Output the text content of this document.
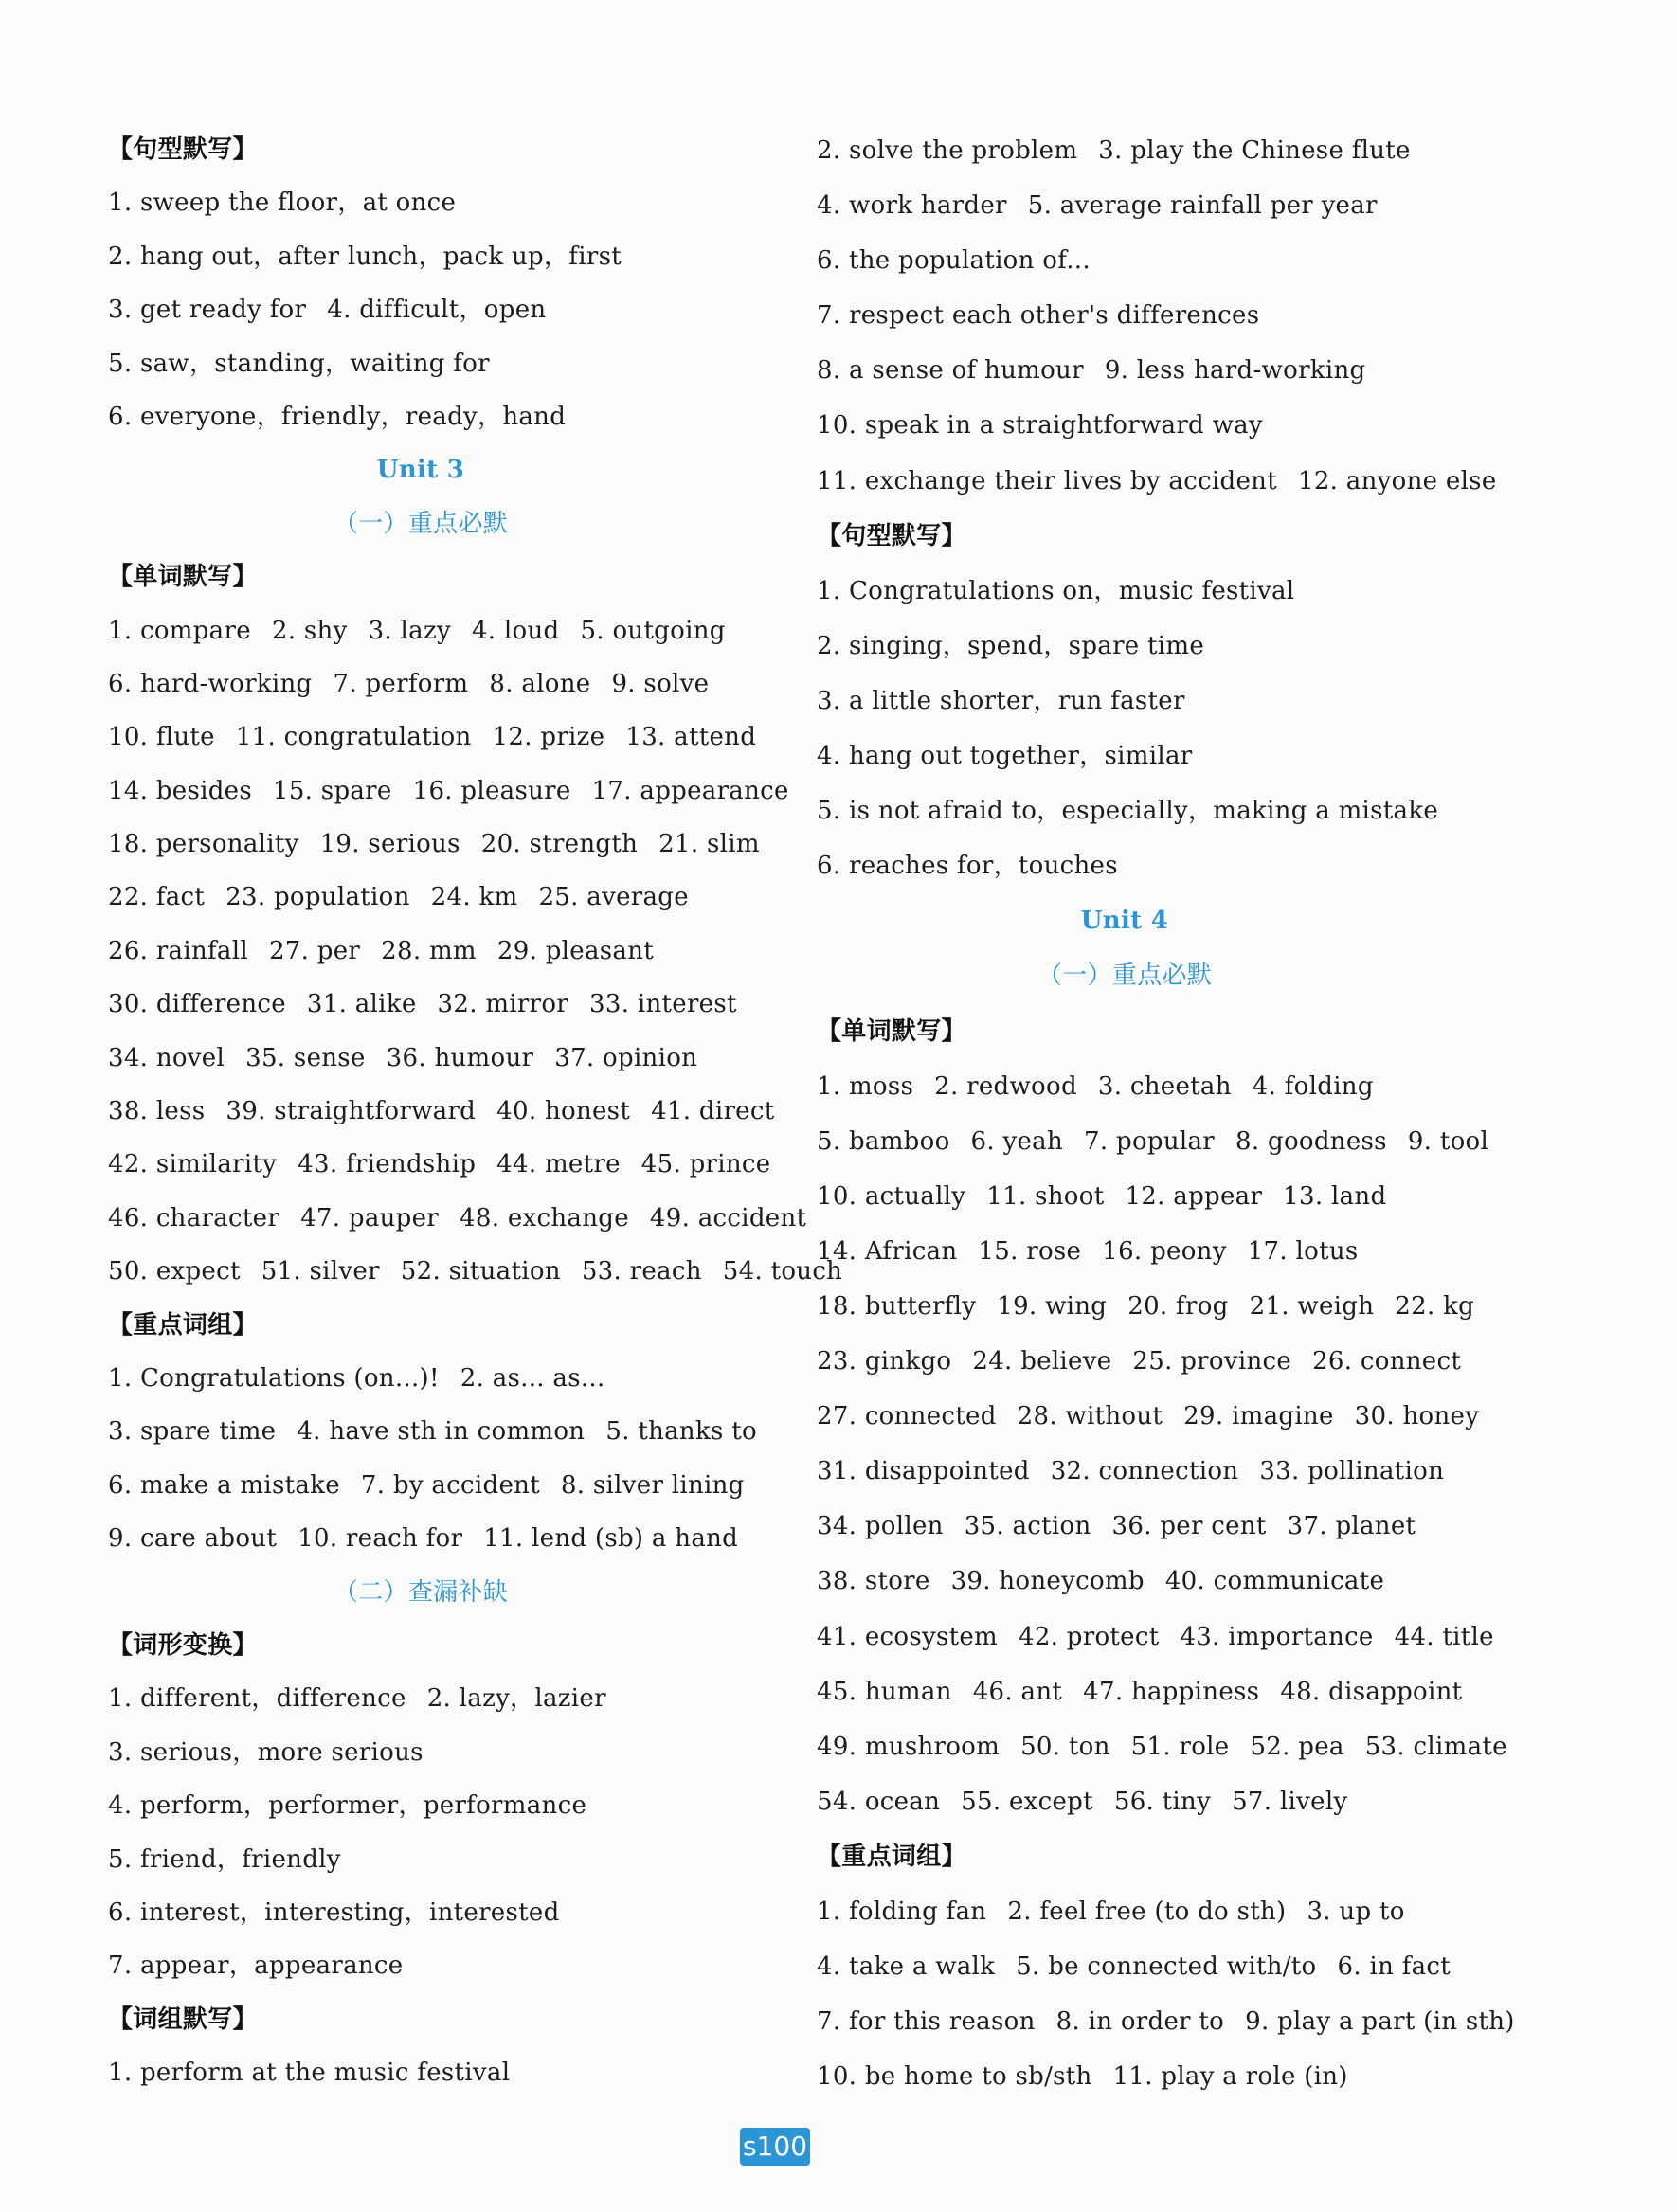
【句型默写】
1. sweep the floor，at once
2. hang out，after lunch，pack up，first
3. get ready for 4. difficult，open
5. saw，standing，waiting for
6. everyone，friendly，ready，hand
Unit 3
（一）重点必默
【单词默写】
1. compare 2. shy 3. lazy 4. loud 5. outgoing
6. hard-working 7. perform 8. alone 9. solve
10. flute 11. congratulation 12. prize 13. attend
14. besides 15. spare 16. pleasure 17. appearance
18. personality 19. serious 20. strength 21. slim
22. fact 23. population 24. km 25. average
26. rainfall 27. per 28. mm 29. pleasant
30. difference 31. alike 32. mirror 33. interest
34. novel 35. sense 36. humour 37. opinion
38. less 39. straightforward 40. honest 41. direct
42. similarity 43. friendship 44. metre 45. prince
46. character 47. pauper 48. exchange 49. accident
50. expect 51. silver 52. situation 53. reach 54. touch
【重点词组】
1. Congratulations (on...)! 2. as... as...
3. spare time 4. have sth in common 5. thanks to
6. make a mistake 7. by accident 8. silver lining
9. care about 10. reach for 11. lend (sb) a hand
（二）查漏补缺
【词形变换】
1. different，difference 2. lazy，lazier
3. serious，more serious
4. perform，performer，performance
5. friend，friendly
6. interest，interesting，interested
7. appear，appearance
【词组默写】
1. perform at the music festival
2. solve the problem 3. play the Chinese flute
4. work harder 5. average rainfall per year
6. the population of...
7. respect each other's differences
8. a sense of humour 9. less hard-working
10. speak in a straightforward way
11. exchange their lives by accident 12. anyone else
【句型默写】
1. Congratulations on，music festival
2. singing，spend，spare time
3. a little shorter，run faster
4. hang out together，similar
5. is not afraid to，especially，making a mistake
6. reaches for，touches
Unit 4
（一）重点必默
【单词默写】
1. moss 2. redwood 3. cheetah 4. folding
5. bamboo 6. yeah 7. popular 8. goodness 9. tool
10. actually 11. shoot 12. appear 13. land
14. African 15. rose 16. peony 17. lotus
18. butterfly 19. wing 20. frog 21. weigh 22. kg
23. ginkgo 24. believe 25. province 26. connect
27. connected 28. without 29. imagine 30. honey
31. disappointed 32. connection 33. pollination
34. pollen 35. action 36. per cent 37. planet
38. store 39. honeycomb 40. communicate
41. ecosystem 42. protect 43. importance 44. title
45. human 46. ant 47. happiness 48. disappoint
49. mushroom 50. ton 51. role 52. pea 53. climate
54. ocean 55. except 56. tiny 57. lively
【重点词组】
1. folding fan 2. feel free (to do sth) 3. up to
4. take a walk 5. be connected with/to 6. in fact
7. for this reason 8. in order to 9. play a part (in sth)
10. be home to sb/sth 11. play a role (in)
s100
